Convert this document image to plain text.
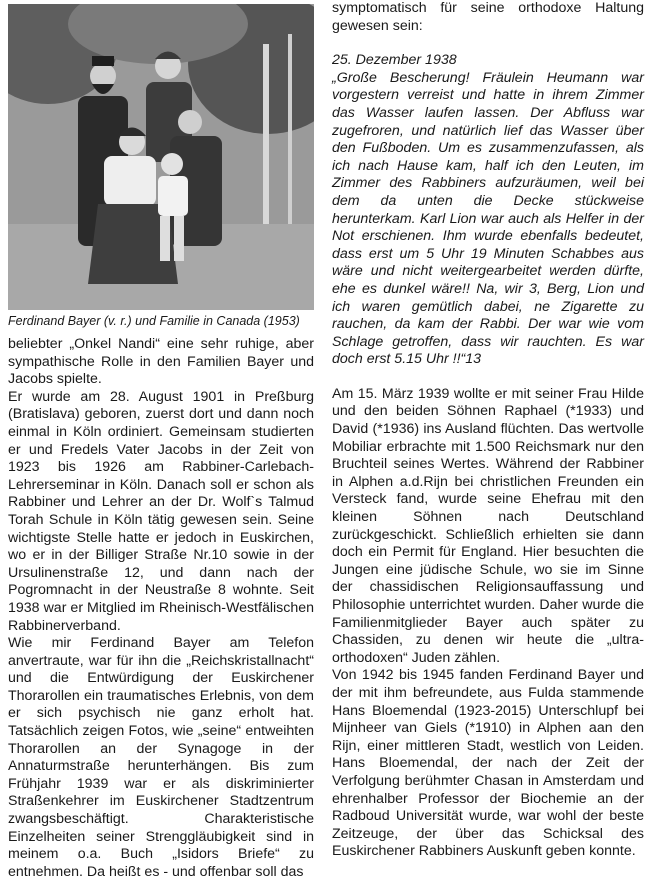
Ferdinand Bayer (v. r.) und Familie in Canada (1953)

beliebter „Onkel Nandi“ eine sehr ruhige, aber sympathische Rolle in den Familien Bayer und Jacobs spielte.

Er wurde am 28. August 1901 in Preßburg (Bratislava) geboren, zuerst dort und dann noch einmal in Köln ordiniert. Gemeinsam studierten er und Fredels Vater Jacobs in der Zeit von 1923 bis 1926 am Rabbiner-Carlebach-Lehrerseminar in Köln. Danach soll er schon als Rabbiner und Lehrer an der Dr. Wolf`s Talmud Torah Schule in Köln tätig gewesen sein. Seine wichtigste Stelle hatte er jedoch in Euskirchen, wo er in der Billiger Straße Nr.10 sowie in der Ursulinenstraße 12, und dann nach der Pogromnacht in der Neustraße 8 wohnte. Seit 1938 war er Mitglied im Rheinisch-Westfälischen Rabbinerverband.

Wie mir Ferdinand Bayer am Telefon anvertraute, war für ihn die „Reichskristallnacht“ und die Entwürdigung der Euskirchener Thorarollen ein traumatisches Erlebnis, von dem er sich psychisch nie ganz erholt hat. Tatsächlich zeigen Fotos, wie „seine“ entweihten Thorarollen an der Synagoge in der Annaturmstraße herunterhängen. Bis zum Frühjahr 1939 war er als diskriminierter Straßenkehrer im Euskirchener Stadtzentrum zwangsbeschäftigt. Charakteristische Einzelheiten seiner Strenggläubigkeit sind in meinem o.a. Buch „Isidors Briefe“ zu entnehmen. Da heißt es - und offenbar soll das

symptomatisch für seine orthodoxe Haltung gewesen sein:

25. Dezember 1938

„Große Bescherung! Fräulein Heumann war vorgestern verreist und hatte in ihrem Zimmer das Wasser laufen lassen. Der Abfluss war zugefroren, und natürlich lief das Wasser über den Fußboden. Um es zusammenzufassen, als ich nach Hause kam, half ich den Leuten, im Zimmer des Rabbiners aufzuräumen, weil bei dem da unten die Decke stückweise herunterkam. Karl Lion war auch als Helfer in der Not erschienen. Ihm wurde ebenfalls bedeutet, dass erst um 5 Uhr 19 Minuten Schabbes aus wäre und nicht weitergearbeitet werden dürfte, ehe es dunkel wäre!! Na, wir 3, Berg, Lion und ich waren gemütlich dabei, ne Zigarette zu rauchen, da kam der Rabbi. Der war wie vom Schlage getroffen, dass wir rauchten. Es war doch erst 5.15 Uhr !!“13

Am 15. März 1939 wollte er mit seiner Frau Hilde und den beiden Söhnen Raphael (*1933) und David (*1936) ins Ausland flüchten. Das wertvolle Mobiliar erbrachte mit 1.500 Reichsmark nur den Bruchteil seines Wertes. Während der Rabbiner in Alphen a.d.Rijn bei christlichen Freunden ein Versteck fand, wurde seine Ehefrau mit den kleinen Söhnen nach Deutschland zurückgeschickt. Schließlich erhielten sie dann doch ein Permit für England. Hier besuchten die Jungen eine jüdische Schule, wo sie im Sinne der chassidischen Religionsauffassung und Philosophie unterrichtet wurden. Daher wurde die Familienmitglieder Bayer auch später zu Chassiden, zu denen wir heute die „ultra-orthodoxen“ Juden zählen.

Von 1942 bis 1945 fanden Ferdinand Bayer und der mit ihm befreundete, aus Fulda stammende Hans Bloemendal (1923-2015) Unterschlupf bei Mijnheer van Giels (*1910) in Alphen aan den Rijn, einer mittleren Stadt, westlich von Leiden. Hans Bloemendal, der nach der Zeit der Verfolgung berühmter Chasan in Amsterdam und ehrenhalber Professor der Biochemie an der Radboud Universität wurde, war wohl der beste Zeitzeuge, der über das Schicksal des Euskirchener Rabbiners Auskunft geben konnte.
